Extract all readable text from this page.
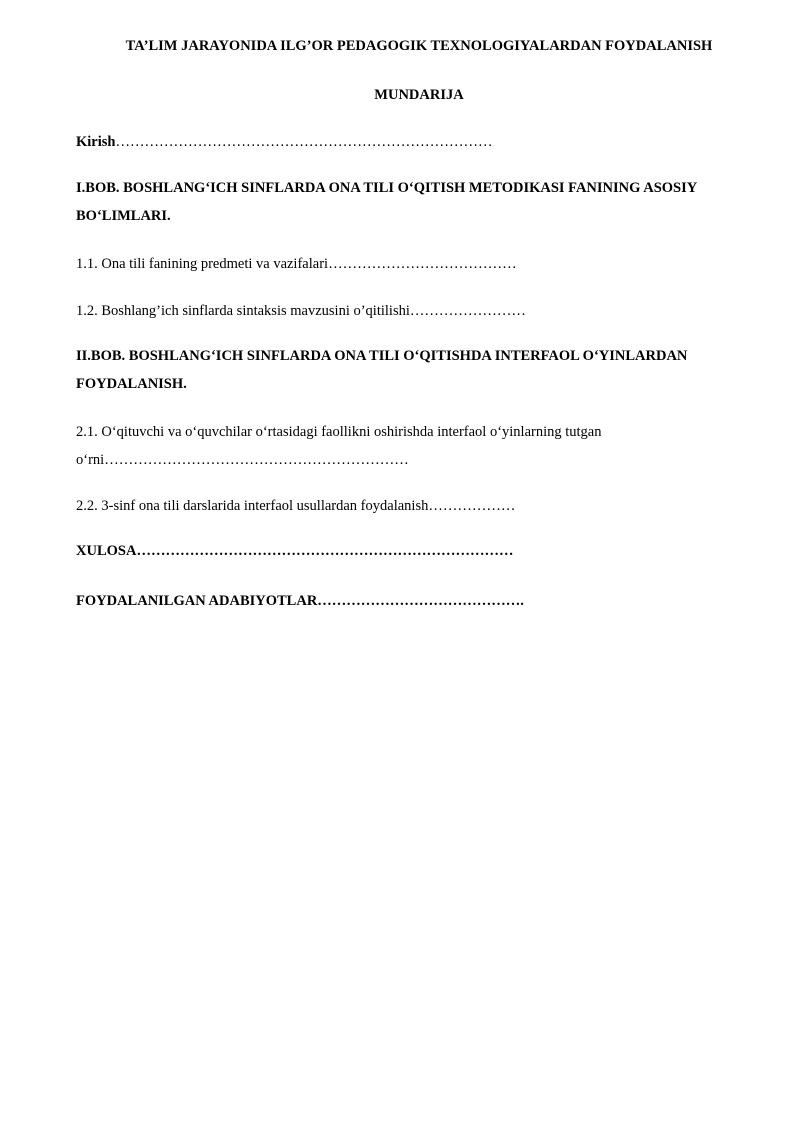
TA’LIM JARAYONIDA ILG’OR PEDAGOGIK TEXNOLOGIYALARDAN FOYDALANISH
MUNDARIJA
Kirish……………………………………………………………………
I.BOB. BOSHLANG‘ICH SINFLARDA ONA TILI O‘QITISH METODIKASI FANINING ASOSIY BO‘LIMLARI.
1.1. Ona tili fanining predmeti va vazifalari…………………………………
1.2. Boshlang’ich sinflarda sintaksis mavzusini o’qitilishi……………………
II.BOB. BOSHLANG‘ICH SINFLARDA ONA TILI O‘QITISHDA INTERFAOL O‘YINLARDAN FOYDALANISH.
2.1. O‘qituvchi va o‘quvchilar o‘rtasidagi faollikni oshirishda interfaol o‘yinlarning tutgan o‘rni………………………………………………………
2.2. 3-sinf ona tili darslarida interfaol usullardan foydalanish………………
XULOSA……………………………………………………………………
FOYDALANILGAN ADABIYOTLAR…………………………………….
